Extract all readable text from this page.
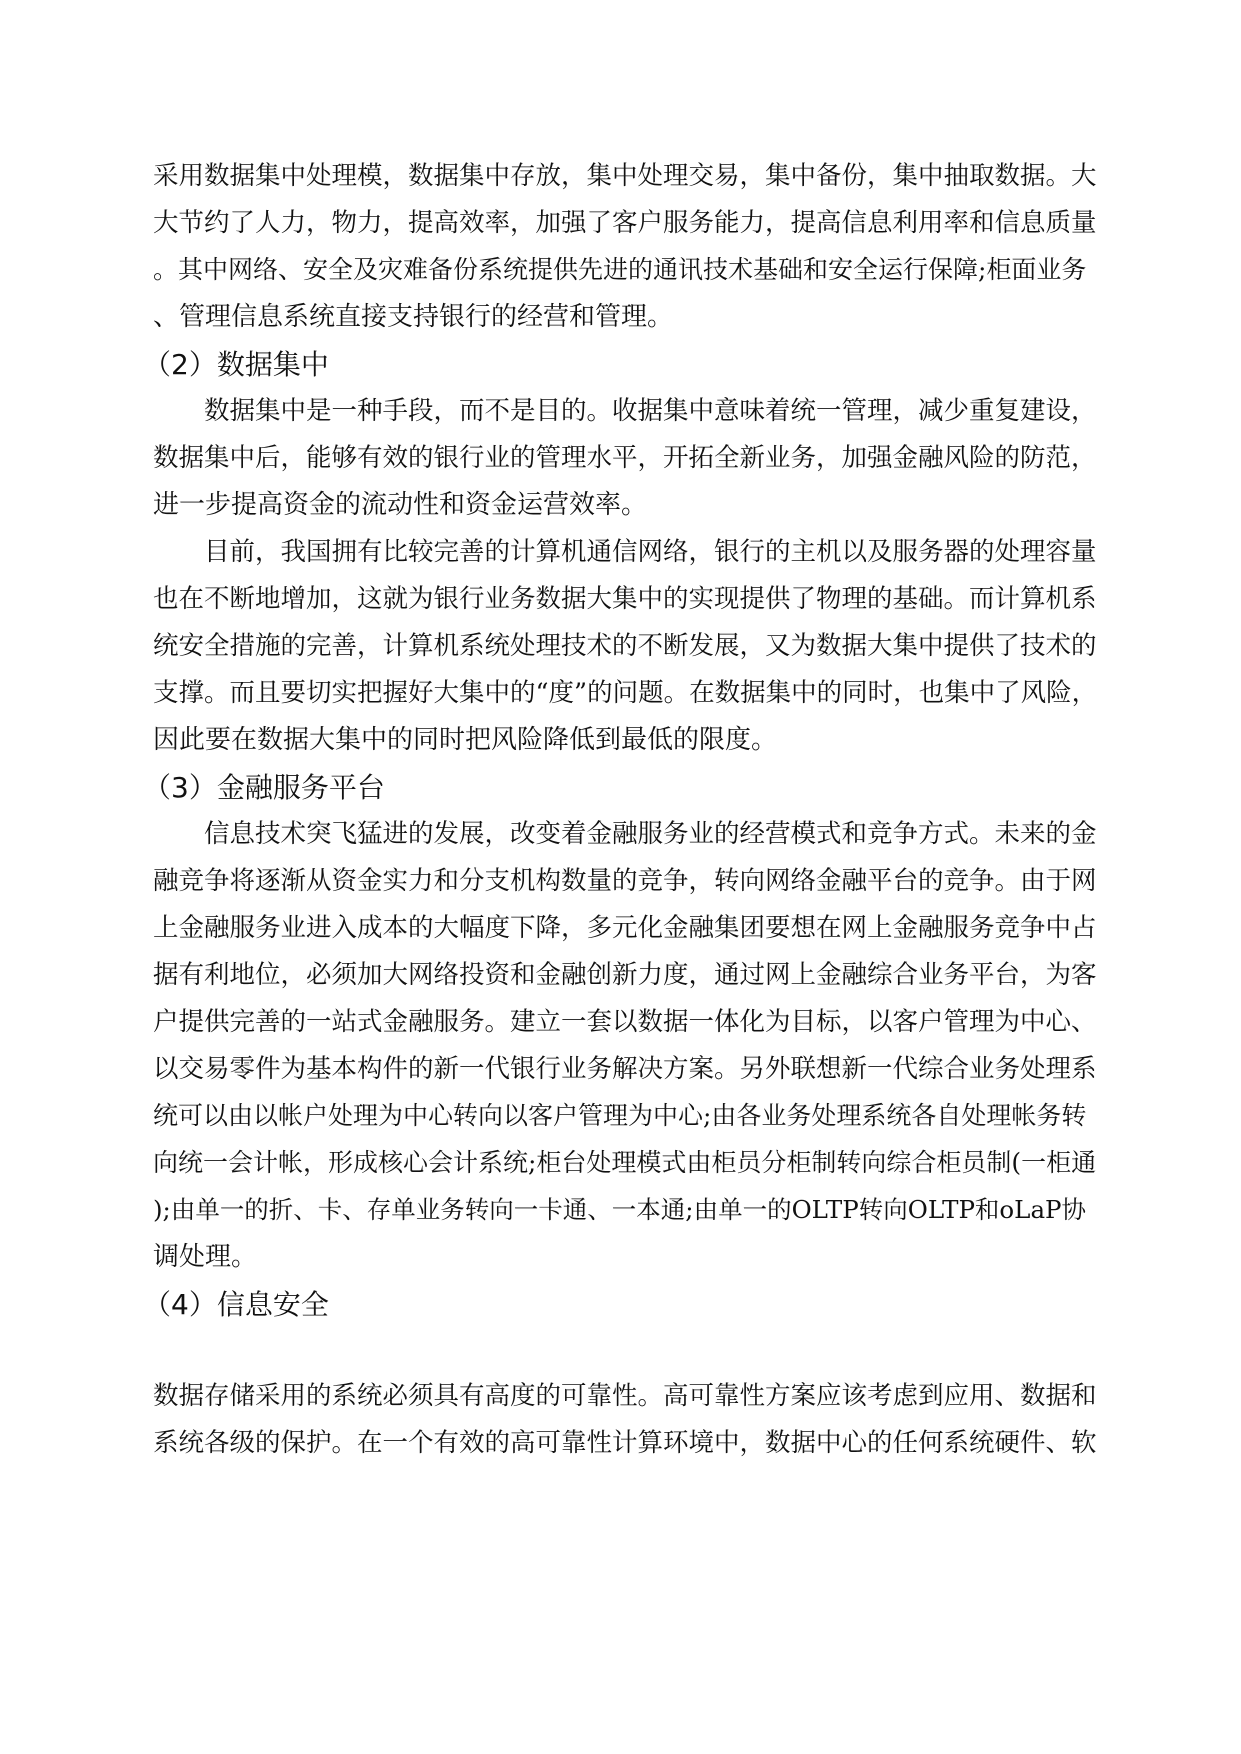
采用数据集中处理模，数据集中存放，集中处理交易，集中备份，集中抽取数据。大
大节约了人力，物力，提高效率，加强了客户服务能力，提高信息利用率和信息质量
。其中网络、安全及灾难备份系统提供先进的通讯技术基础和安全运行保障;柜面业务
、管理信息系统直接支持银行的经营和管理。
（2）数据集中
　　数据集中是一种手段，而不是目的。收据集中意味着统一管理，减少重复建设，
数据集中后，能够有效的银行业的管理水平，开拓全新业务，加强金融风险的防范，
进一步提高资金的流动性和资金运营效率。
　　目前，我国拥有比较完善的计算机通信网络，银行的主机以及服务器的处理容量
也在不断地增加，这就为银行业务数据大集中的实现提供了物理的基础。而计算机系
统安全措施的完善，计算机系统处理技术的不断发展，又为数据大集中提供了技术的
支撑。而且要切实把握好大集中的“度”的问题。在数据集中的同时，也集中了风险，
因此要在数据大集中的同时把风险降低到最低的限度。
（3）金融服务平台
　　信息技术突飞猛进的发展，改变着金融服务业的经营模式和竞争方式。未来的金
融竞争将逐渐从资金实力和分支机构数量的竞争，转向网络金融平台的竞争。由于网
上金融服务业进入成本的大幅度下降，多元化金融集团要想在网上金融服务竞争中占
据有利地位，必须加大网络投资和金融创新力度，通过网上金融综合业务平台，为客
户提供完善的一站式金融服务。建立一套以数据一体化为目标，以客户管理为中心、
以交易零件为基本构件的新一代银行业务解决方案。另外联想新一代综合业务处理系
统可以由以帐户处理为中心转向以客户管理为中心;由各业务处理系统各自处理帐务转
向统一会计帐，形成核心会计系统;柜台处理模式由柜员分柜制转向综合柜员制(一柜通
);由单一的折、卡、存单业务转向一卡通、一本通;由单一的OLTP转向OLTP和oLaP协
调处理。
（4）信息安全
数据存储采用的系统必须具有高度的可靠性。高可靠性方案应该考虑到应用、数据和
系统各级的保护。在一个有效的高可靠性计算环境中，数据中心的任何系统硬件、软
